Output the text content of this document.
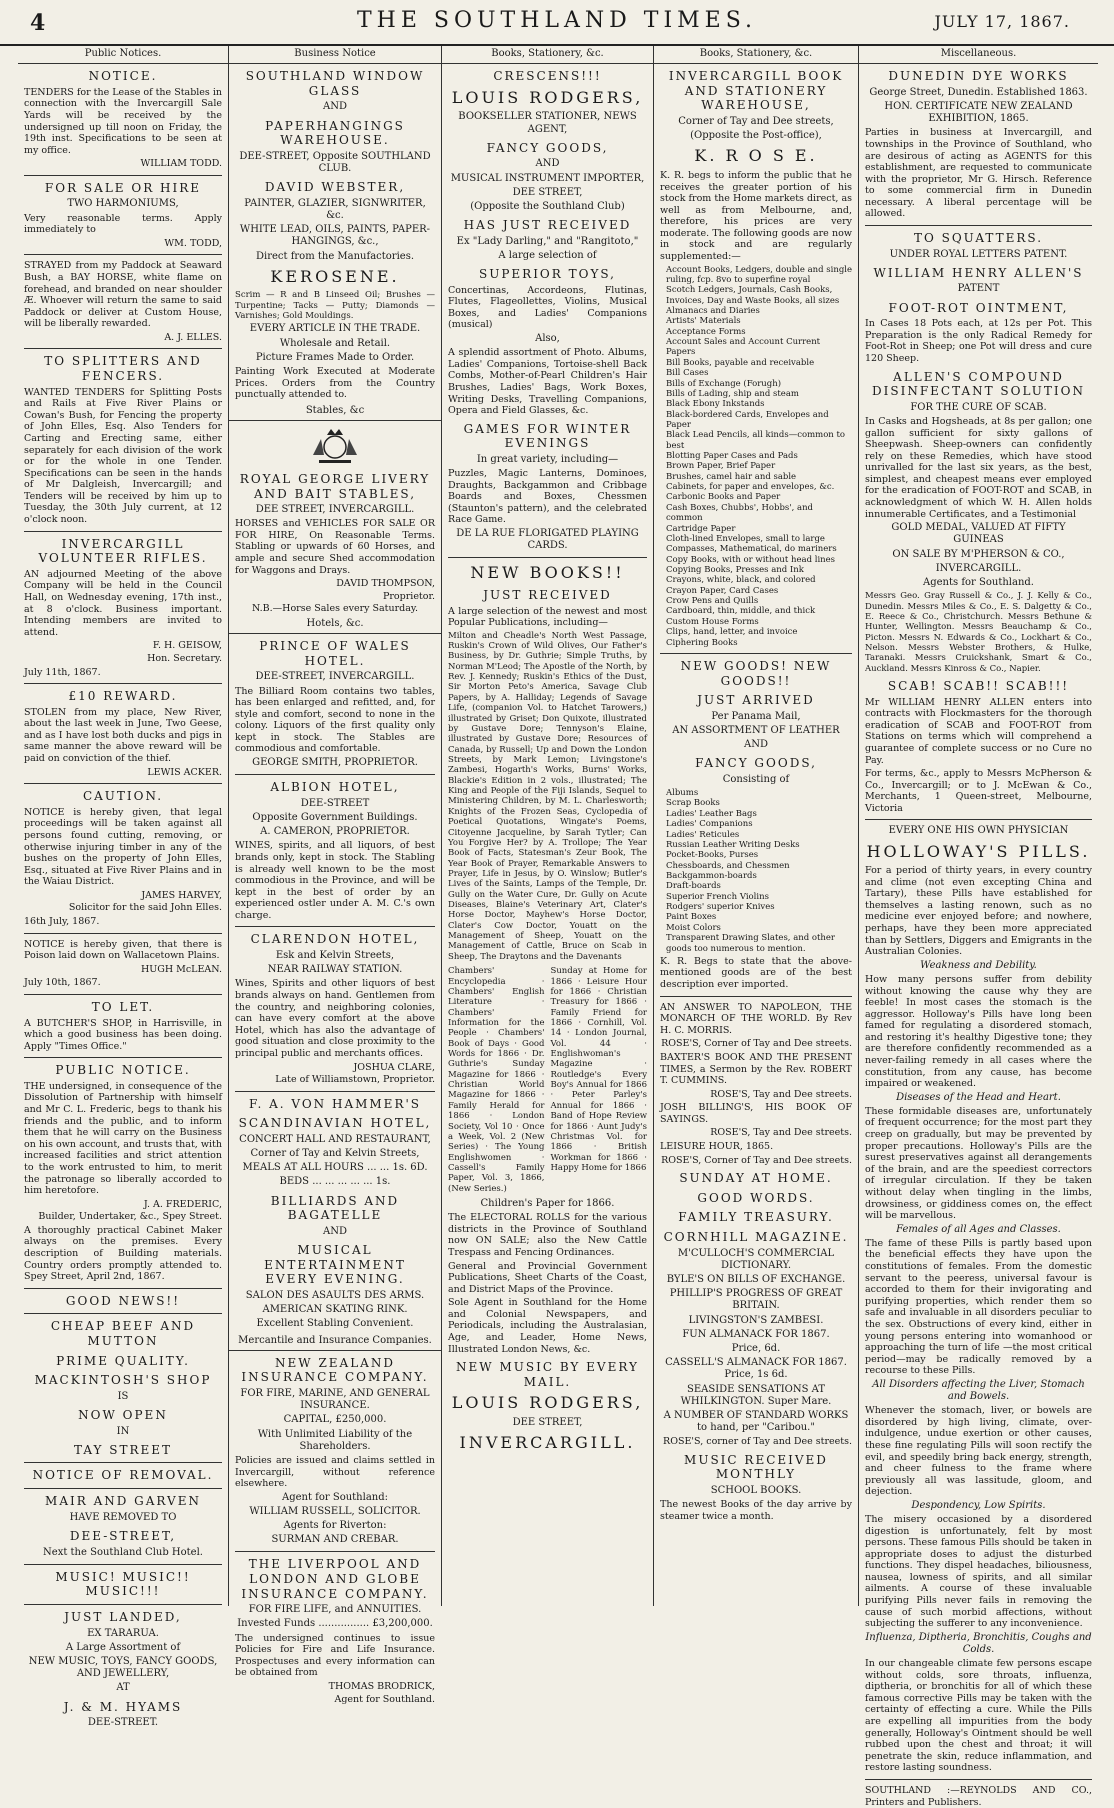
4	THE SOUTHLAND TIMES.	JULY 17, 1867.
Public Notices.
NOTICE.

TENDERS for the Lease of the Stables in connection with the Invercargill Sale Yards will be received by the undersigned up till noon on Friday, the 19th inst. Specifications to be seen at my office.

WILLIAM TODD.

FOR SALE OR HIRE
TWO HARMONIUMS,

Very reasonable terms. Apply immediately to

WM. TODD,

STRAYED from my Paddock at Seaward Bush, a BAY HORSE, white flame on forehead, and branded on near shoulder Æ. Whoever will return the same to said Paddock or deliver at Custom House, will be liberally rewarded.

A. J. ELLES.

TO SPLITTERS AND FENCERS.

WANTED TENDERS for Splitting Posts and Rails at Five River Plains or Cowan's Bush, for Fencing the property of John Elles, Esq. Also Tenders for Carting and Erecting same, either separately for each division of the work or for the whole in one Tender. Specifications can be seen in the hands of Mr Dalgleish, Invercargill; and Tenders will be received by him up to Tuesday, the 30th July current, at 12 o'clock noon.

INVERCARGILL VOLUNTEER RIFLES.

AN adjourned Meeting of the above Company will be held in the Council Hall, on Wednesday evening, 17th inst., at 8 o'clock. Business important. Intending members are invited to attend.

F. H. GEISOW,

Hon. Secretary.

July 11th, 1867.

£10 REWARD.

STOLEN from my place, New River, about the last week in June, Two Geese, and as I have lost both ducks and pigs in same manner the above reward will be paid on conviction of the thief.

LEWIS ACKER.

CAUTION.

NOTICE is hereby given, that legal proceedings will be taken against all persons found cutting, removing, or otherwise injuring timber in any of the bushes on the property of John Elles, Esq., situated at Five River Plains and in the Waiau District.

JAMES HARVEY,

Solicitor for the said John Elles.

16th July, 1867.

NOTICE is hereby given, that there is Poison laid down on Wallacetown Plains.

HUGH McLEAN.

July 10th, 1867.

TO LET.

A BUTCHER'S SHOP, in Harrisville, in which a good business has been doing. Apply "Times Office."

PUBLIC NOTICE.

THE undersigned, in consequence of the Dissolution of Partnership with himself and Mr C. L. Frederic, begs to thank his friends and the public, and to inform them that he will carry on the Business on his own account, and trusts that, with increased facilities and strict attention to the work entrusted to him, to merit the patronage so liberally accorded to him heretofore.

J. A. FREDERIC,

Builder, Undertaker, &c., Spey Street.

A thoroughly practical Cabinet Maker always on the premises. Every description of Building materials. Country orders promptly attended to. Spey Street, April 2nd, 1867.

GOOD NEWS!!
CHEAP BEEF AND MUTTON
PRIME QUALITY.
MACKINTOSH'S SHOP
IS
NOW OPEN
IN
TAY STREET
NOTICE OF REMOVAL.
MAIR AND GARVEN
HAVE REMOVED TO
DEE-STREET,
Next the Southland Club Hotel.
MUSIC! MUSIC!! MUSIC!!!
JUST LANDED,
EX TARARUA.
A Large Assortment of
NEW MUSIC, TOYS, FANCY GOODS, AND JEWELLERY,
AT
J. & M. HYAMS
DEE-STREET.
Business Notice
SOUTHLAND WINDOW GLASS
AND
PAPERHANGINGS WAREHOUSE.
DEE-STREET, Opposite SOUTHLAND CLUB.
DAVID WEBSTER,
PAINTER, GLAZIER, SIGNWRITER, &c.
WHITE LEAD, OILS, PAINTS, PAPER-HANGINGS, &c.,
Direct from the Manufactories.
KEROSENE.

Scrim — R and B Linseed Oil; Brushes — Turpentine; Tacks — Putty; Diamonds — Varnishes; Gold Mouldings.

EVERY ARTICLE IN THE TRADE.
Wholesale and Retail.
Picture Frames Made to Order.

Painting Work Executed at Moderate Prices. Orders from the Country punctually attended to.

Stables, &c
ROYAL GEORGE LIVERY AND BAIT STABLES,
DEE STREET, INVERCARGILL.

HORSES and VEHICLES FOR SALE OR FOR HIRE, On Reasonable Terms. Stabling or upwards of 60 Horses, and ample and secure Shed accommodation for Waggons and Drays.

DAVID THOMPSON,

Proprietor.

N.B.—Horse Sales every Saturday.

Hotels, &c.
PRINCE OF WALES HOTEL.
DEE-STREET, INVERCARGILL.

The Billiard Room contains two tables, has been enlarged and refitted, and, for style and comfort, second to none in the colony. Liquors of the first quality only kept in stock. The Stables are commodious and comfortable.

GEORGE SMITH, PROPRIETOR.
ALBION HOTEL,
DEE-STREET
Opposite Government Buildings.
A. CAMERON, PROPRIETOR.

WINES, spirits, and all liquors, of best brands only, kept in stock. The Stabling is already well known to be the most commodious in the Province, and will be kept in the best of order by an experienced ostler under A. M. C.'s own charge.

CLARENDON HOTEL,
Esk and Kelvin Streets,
NEAR RAILWAY STATION.

Wines, Spirits and other liquors of best brands always on hand. Gentlemen from the country, and neighboring colonies, can have every comfort at the above Hotel, which has also the advantage of good situation and close proximity to the principal public and merchants offices.

JOSHUA CLARE,

Late of Williamstown, Proprietor.

F. A. VON HAMMER'S
SCANDINAVIAN HOTEL,
CONCERT HALL AND RESTAURANT,
Corner of Tay and Kelvin Streets,
MEALS AT ALL HOURS ... ... 1s. 6D.
BEDS ... ... ... ... ... 1s.
BILLIARDS AND BAGATELLE
AND
MUSICAL ENTERTAINMENT EVERY EVENING.
SALON DES ASAULTS DES ARMS.
AMERICAN SKATING RINK.
Excellent Stabling Convenient.
Mercantile and Insurance Companies.
NEW ZEALAND INSURANCE COMPANY.
FOR FIRE, MARINE, AND GENERAL INSURANCE.
CAPITAL, £250,000.
With Unlimited Liability of the Shareholders.

Policies are issued and claims settled in Invercargill, without reference elsewhere.

Agent for Southland:
WILLIAM RUSSELL, SOLICITOR.
Agents for Riverton:
SURMAN AND CREBAR.
THE LIVERPOOL AND LONDON AND GLOBE INSURANCE COMPANY.
FOR FIRE LIFE, and ANNUITIES.
Invested Funds ................ £3,200,000.

The undersigned continues to issue Policies for Fire and Life Insurance. Prospectuses and every information can be obtained from

THOMAS BRODRICK,

Agent for Southland.

Books, Stationery, &c.
CRESCENS!!!
LOUIS RODGERS,
BOOKSELLER STATIONER, NEWS AGENT,
FANCY GOODS,
AND
MUSICAL INSTRUMENT IMPORTER,
DEE STREET,
(Opposite the Southland Club)
HAS JUST RECEIVED
Ex "Lady Darling," and "Rangitoto,"
A large selection of
SUPERIOR TOYS,

Concertinas, Accordeons, Flutinas, Flutes, Flageollettes, Violins, Musical Boxes, and Ladies' Companions (musical)

Also,

A splendid assortment of Photo. Albums, Ladies' Companions, Tortoise-shell Back Combs, Mother-of-Pearl Children's Hair Brushes, Ladies' Bags, Work Boxes, Writing Desks, Travelling Companions, Opera and Field Glasses, &c.

GAMES FOR WINTER EVENINGS
In great variety, including—

Puzzles, Magic Lanterns, Dominoes, Draughts, Backgammon and Cribbage Boards and Boxes, Chessmen (Staunton's pattern), and the celebrated Race Game.

DE LA RUE FLORIGATED PLAYING CARDS.
NEW BOOKS!!
JUST RECEIVED

A large selection of the newest and most Popular Publications, including—

Milton and Cheadle's North West Passage, Ruskin's Crown of Wild Olives, Our Father's Business, by Dr. Guthrie; Simple Truths, by Norman M'Leod; The Apostle of the North, by Rev. J. Kennedy; Ruskin's Ethics of the Dust, Sir Morton Peto's America, Savage Club Papers, by A. Halliday; Legends of Savage Life, (companion Vol. to Hatchet Tarowers,) illustrated by Griset; Don Quixote, illustrated by Gustave Dore; Tennyson's Elaine, illustrated by Gustave Dore; Resources of Canada, by Russell; Up and Down the London Streets, by Mark Lemon; Livingstone's Zambesi, Hogarth's Works, Burns' Works, Blackie's Edition in 2 vols., illustrated; The King and People of the Fiji Islands, Sequel to Ministering Children, by M. L. Charlesworth; Knights of the Frozen Seas, Cyclopedia of Poetical Quotations, Wingate's Poems, Citoyenne Jacqueline, by Sarah Tytler; Can You Forgive Her? by A. Trollope; The Year Book of Facts, Statesman's Zeur Book, The Year Book of Prayer, Remarkable Answers to Prayer, Life in Jesus, by O. Winslow; Butler's Lives of the Saints, Lamps of the Temple, Dr. Gully on the Water Cure, Dr. Gully on Acute Diseases, Blaine's Veterinary Art, Clater's Horse Doctor, Mayhew's Horse Doctor, Clater's Cow Doctor, Youatt on the Management of Sheep, Youatt on the Management of Cattle, Bruce on Scab in Sheep, The Draytons and the Davenants

Chambers' Encyclopedia · Chambers' English Literature · Chambers' Information for the People · Chambers' Book of Days · Good Words for 1866 · Dr. Guthrie's Sunday Magazine for 1866 · Christian World Magazine for 1866 · Family Herald for 1866 · London Society, Vol 10 · Once a Week, Vol. 2 (New Series) · The Young Englishwomen · Cassell's Family Paper, Vol. 3, 1866, (New Series.)

Sunday at Home for 1866 · Leisure Hour for 1866 · Christian Treasury for 1866 · Family Friend for 1866 · Cornhill, Vol. 14 · London Journal, Vol. 44 · Englishwoman's Magazine · Routledge's Every Boy's Annual for 1866 · Peter Parley's Annual for 1866 · Band of Hope Review for 1866 · Aunt Judy's Christmas Vol. for 1866 · British Workman for 1866 · Happy Home for 1866

Children's Paper for 1866.

The ELECTORAL ROLLS for the various districts in the Province of Southland now ON SALE; also the New Cattle Trespass and Fencing Ordinances.

General and Provincial Government Publications, Sheet Charts of the Coast, and District Maps of the Province.

Sole Agent in Southland for the Home and Colonial Newspapers, and Periodicals, including the Australasian, Age, and Leader, Home News, Illustrated London News, &c.

NEW MUSIC BY EVERY MAIL.
LOUIS RODGERS,
DEE STREET,
INVERCARGILL.
Books, Stationery, &c.
INVERCARGILL BOOK AND STATIONERY WAREHOUSE,
Corner of Tay and Dee streets,
(Opposite the Post-office),
K. R O S E.

K. R. begs to inform the public that he receives the greater portion of his stock from the Home markets direct, as well as from Melbourne, and, therefore, his prices are very moderate. The following goods are now in stock and are regularly supplemented:—

Account Books, Ledgers, double and single ruling, fcp. 8vo to superfine royal
Scotch Ledgers, Journals, Cash Books, Invoices, Day and Waste Books, all sizes
Almanacs and Diaries
Artists' Materials
Acceptance Forms
Account Sales and Account Current Papers
Bill Books, payable and receivable
Bill Cases
Bills of Exchange (Forugh)
Bills of Lading, ship and steam
Black Ebony Inkstands
Black-bordered Cards, Envelopes and Paper
Black Lead Pencils, all kinds—common to best
Blotting Paper Cases and Pads
Brown Paper, Brief Paper
Brushes, camel hair and sable
Cabinets, for paper and envelopes, &c.
Carbonic Books and Paper
Cash Boxes, Chubbs', Hobbs', and common
Cartridge Paper
Cloth-lined Envelopes, small to large
Compasses, Mathematical, do mariners
Copy Books, with or without head lines
Copying Books, Presses and Ink
Crayons, white, black, and colored
Crayon Paper, Card Cases
Crow Pens and Quills
Cardboard, thin, middle, and thick
Custom House Forms
Clips, hand, letter, and invoice
Ciphering Books
NEW GOODS! NEW GOODS!!
JUST ARRIVED
Per Panama Mail,
AN ASSORTMENT OF LEATHER
AND
FANCY GOODS,
Consisting of
Albums
Scrap Books
Ladies' Leather Bags
Ladies' Companions
Ladies' Reticules
Russian Leather Writing Desks
Pocket-Books, Purses
Chessboards, and Chessmen
Backgammon-boards
Draft-boards
Superior French Violins
Rodgers' superior Knives
Paint Boxes
Moist Colors
Transparent Drawing Slates, and other goods too numerous to mention.

K. R. Begs to state that the above-mentioned goods are of the best description ever imported.

AN ANSWER TO NAPOLEON, THE MONARCH OF THE WORLD. By Rev H. C. MORRIS.

ROSE'S, Corner of Tay and Dee streets.

BAXTER'S BOOK AND THE PRESENT TIMES, a Sermon by the Rev. ROBERT T. CUMMINS.

ROSE'S, Tay and Dee streets.

JOSH BILLING'S, HIS BOOK OF SAYINGS.

ROSE'S, Tay and Dee streets.

LEISURE HOUR, 1865.

ROSE'S, Corner of Tay and Dee streets.

SUNDAY AT HOME.
GOOD WORDS.
FAMILY TREASURY.
CORNHILL MAGAZINE.
M'CULLOCH'S COMMERCIAL DICTIONARY.
BYLE'S ON BILLS OF EXCHANGE.
PHILLIP'S PROGRESS OF GREAT BRITAIN.
LIVINGSTON'S ZAMBESI.
FUN ALMANACK FOR 1867.
Price, 6d.
CASSELL'S ALMANACK FOR 1867. Price, 1s 6d.
SEASIDE SENSATIONS AT WHILKINGTON. Super Mare.
A NUMBER OF STANDARD WORKS to hand, per "Caribou."

ROSE'S, corner of Tay and Dee streets.

MUSIC RECEIVED MONTHLY
SCHOOL BOOKS.

The newest Books of the day arrive by steamer twice a month.

Miscellaneous.
DUNEDIN DYE WORKS
George Street, Dunedin. Established 1863.
HON. CERTIFICATE NEW ZEALAND EXHIBITION, 1865.

Parties in business at Invercargill, and townships in the Province of Southland, who are desirous of acting as AGENTS for this establishment, are requested to communicate with the proprietor, Mr G. Hirsch. Reference to some commercial firm in Dunedin necessary. A liberal percentage will be allowed.

TO SQUATTERS.
UNDER ROYAL LETTERS PATENT.
WILLIAM HENRY ALLEN'S
PATENT
FOOT-ROT OINTMENT,

In Cases 18 Pots each, at 12s per Pot. This Preparation is the only Radical Remedy for Foot-Rot in Sheep; one Pot will dress and cure 120 Sheep.

ALLEN'S COMPOUND DISINFECTANT SOLUTION
FOR THE CURE OF SCAB.

In Casks and Hogsheads, at 8s per gallon; one gallon sufficient for sixty gallons of Sheepwash. Sheep-owners can confidently rely on these Remedies, which have stood unrivalled for the last six years, as the best, simplest, and cheapest means ever employed for the eradication of FOOT-ROT and SCAB, in acknowledgment of which W. H. Allen holds innumerable Certificates, and a Testimonial

GOLD MEDAL, VALUED AT FIFTY GUINEAS
ON SALE BY M'PHERSON & CO.,
INVERCARGILL.
Agents for Southland.

Messrs Geo. Gray Russell & Co., J. J. Kelly & Co., Dunedin. Messrs Miles & Co., E. S. Dalgetty & Co., E. Reece & Co., Christchurch. Messrs Bethune & Hunter, Wellington. Messrs Beauchamp & Co., Picton. Messrs N. Edwards & Co., Lockhart & Co., Nelson. Messrs Webster Brothers, & Hulke, Taranaki. Messrs Cruickshank, Smart & Co., Auckland. Messrs Kinross & Co., Napier.

SCAB! SCAB!! SCAB!!!

Mr WILLIAM HENRY ALLEN enters into contracts with Flockmasters for the thorough eradication of SCAB and FOOT-ROT from Stations on terms which will comprehend a guarantee of complete success or no Cure no Pay.

For terms, &c., apply to Messrs McPherson & Co., Invercargill; or to J. McEwan & Co., Merchants, 1 Queen-street, Melbourne, Victoria

EVERY ONE HIS OWN PHYSICIAN
HOLLOWAY'S PILLS.

For a period of thirty years, in every country and clime (not even excepting China and Tartary), these Pills have established for themselves a lasting renown, such as no medicine ever enjoyed before; and nowhere, perhaps, have they been more appreciated than by Settlers, Diggers and Emigrants in the Australian Colonies.

Weakness and Debility.

How many persons suffer from debility without knowing the cause why they are feeble! In most cases the stomach is the aggressor. Holloway's Pills have long been famed for regulating a disordered stomach, and restoring it's healthy Digestive tone; they are therefore confidently recommended as a never-failing remedy in all cases where the constitution, from any cause, has become impaired or weakened.

Diseases of the Head and Heart.

These formidable diseases are, unfortunately of frequent occurrence; for the most part they creep on gradually, but may be prevented by proper precautions. Holloway's Pills are the surest preservatives against all derangements of the brain, and are the speediest correctors of irregular circulation. If they be taken without delay when tingling in the limbs, drowsiness, or giddiness comes on, the effect will be marvellous.

Females of all Ages and Classes.

The fame of these Pills is partly based upon the beneficial effects they have upon the constitutions of females. From the domestic servant to the peeress, universal favour is accorded to them for their invigorating and purifying properties, which render them so safe and invaluable in all disorders peculiar to the sex. Obstructions of every kind, either in young persons entering into womanhood or approaching the turn of life —the most critical period—may be radically removed by a recourse to these Pills.

All Disorders affecting the Liver, Stomach and Bowels.

Whenever the stomach, liver, or bowels are disordered by high living, climate, over-indulgence, undue exertion or other causes, these fine regulating Pills will soon rectify the evil, and speedily bring back energy, strength, and cheer fulness to the frame where previously all was lassitude, gloom, and dejection.

Despondency, Low Spirits.

The misery occasioned by a disordered digestion is unfortunately, felt by most persons. These famous Pills should be taken in appropriate doses to adjust the disturbed functions. They dispel headaches, biliousness, nausea, lowness of spirits, and all similar ailments. A course of these invaluable purifying Pills never fails in removing the cause of such morbid affections, without subjecting the sufferer to any inconvenience.

Influenza, Diptheria, Bronchitis, Coughs and Colds.

In our changeable climate few persons escape without colds, sore throats, influenza, diptheria, or bronchitis for all of which these famous corrective Pills may be taken with the certainty of effecting a cure. While the Pills are expelling all impurities from the body generally, Holloway's Ointment should be well rubbed upon the chest and throat; it will penetrate the skin, reduce inflammation, and restore lasting soundness.

SOUTHLAND :—REYNOLDS AND CO., Printers and Publishers.
